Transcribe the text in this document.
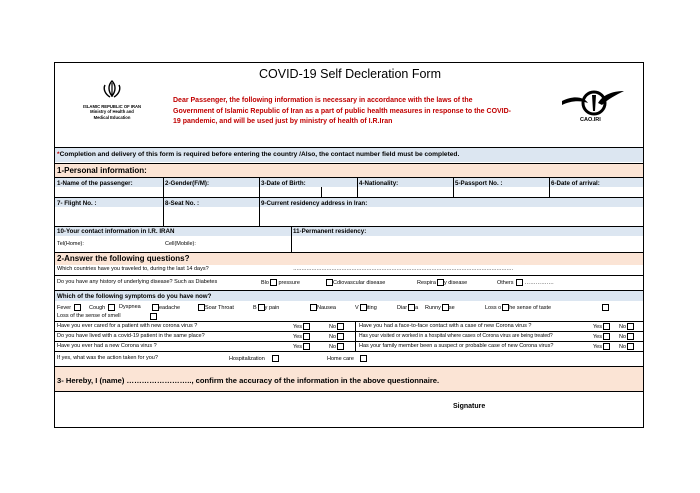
COVID-19 Self Decleration Form
ISLAMIC REPUBLIC OF IRAN
Ministry of Health and
Medical Education
Dear Passenger, the following information is necessary in accordance with the laws of the Government of Islamic Republic of Iran as a part of public health measures in response to the COVID-19 pandemic, and will be used just by ministry of health of I.R.Iran	CAO.IRI
*Completion and delivery of this form is required before entering the country /Also, the contact number field must be completed.
1-Personal information:
1-Name of the passenger:	2-Gender(F/M):	3-Date of Birth:	4-Nationality:	5-Passport No. :	6-Date of arrival:
7- Flight No. :	8-Seat No. :	9-Current residency address in Iran:
10-Your contact information in I.R. IRAN	11-Permanent residency:
Tel(Home):	Cell(Mobile):
2-Answer the following questions?
Which countries have you traveled to, during the last 14 days?	……………………………………………………………………………………………………………………
Do you have any history of underlying disease? Such as Diabetes	Blo pressure	Cdiovascular disease	Respira y disease	Others …………….
Which of the following symptoms do you have now?
Fever	Cough	Dyspnea	eadache	Soar Throat	B y pain	Nausea	V iting	Diar a Runny se	Loss o he sense of taste
Loss of the sense of smell
Have you ever cared for a patient with new corona virus ?	Yes	No	Have you had a face-to-face contact with a case of new Corona virus ?	Yes	No
Do you have lived with a covid-19 patient in the same place?	Yes	No	Has your visited or worked in a hospital where cases of Corona virus are being treated?	Yes	No
Have you ever had a new Corona virus ?	Yes	No	Has your family member been a suspect or probable case of new Corona virus?	Yes	No
If yes, what was the action taken for you?	Hospitalization	Home care
3- Hereby, I (name) …………………….., confirm the accuracy of the information in the above questionnaire.
Signature
